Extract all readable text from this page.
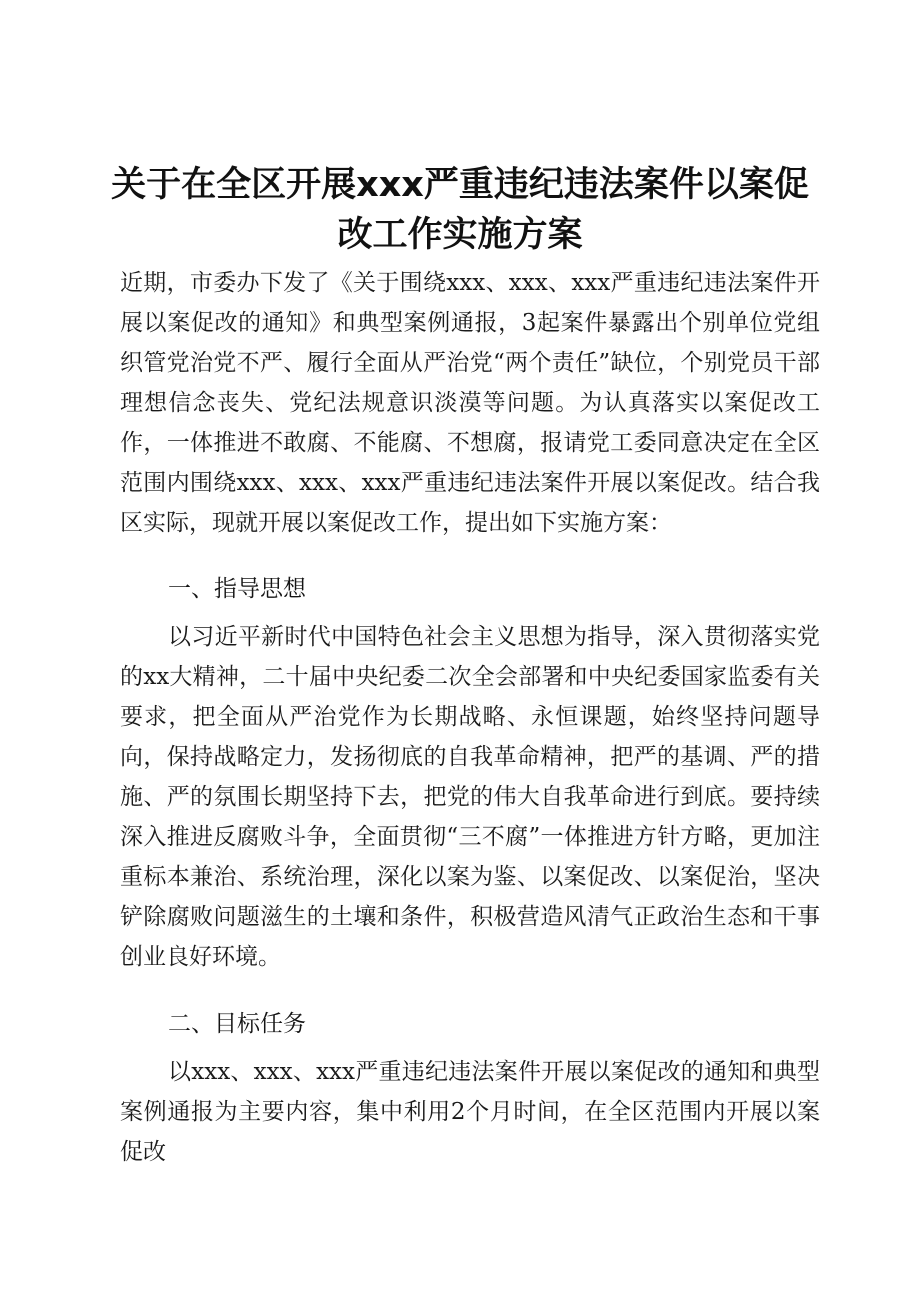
关于在全区开展xxx严重违纪违法案件以案促
改工作实施方案
近期，市委办下发了《关于围绕xxx、xxx、xxx严重违纪违法案件开展以案促改的通知》和典型案例通报，3起案件暴露出个别单位党组织管党治党不严、履行全面从严治党“两个责任”缺位，个别党员干部理想信念丧失、党纪法规意识淡漠等问题。为认真落实以案促改工作，一体推进不敢腐、不能腐、不想腐，报请党工委同意决定在全区范围内围绕xxx、xxx、xxx严重违纪违法案件开展以案促改。结合我区实际，现就开展以案促改工作，提出如下实施方案：
一、指导思想
以习近平新时代中国特色社会主义思想为指导，深入贯彻落实党的xx大精神，二十届中央纪委二次全会部署和中央纪委国家监委有关要求，把全面从严治党作为长期战略、永恒课题，始终坚持问题导向，保持战略定力，发扬彻底的自我革命精神，把严的基调、严的措施、严的氛围长期坚持下去，把党的伟大自我革命进行到底。要持续深入推进反腐败斗争，全面贯彻“三不腐”一体推进方针方略，更加注重标本兼治、系统治理，深化以案为鉴、以案促改、以案促治，坚决铲除腐败问题滋生的土壤和条件，积极营造风清气正政治生态和干事创业良好环境。
二、目标任务
以xxx、xxx、xxx严重违纪违法案件开展以案促改的通知和典型案例通报为主要内容，集中利用2个月时间，在全区范围内开展以案促改
